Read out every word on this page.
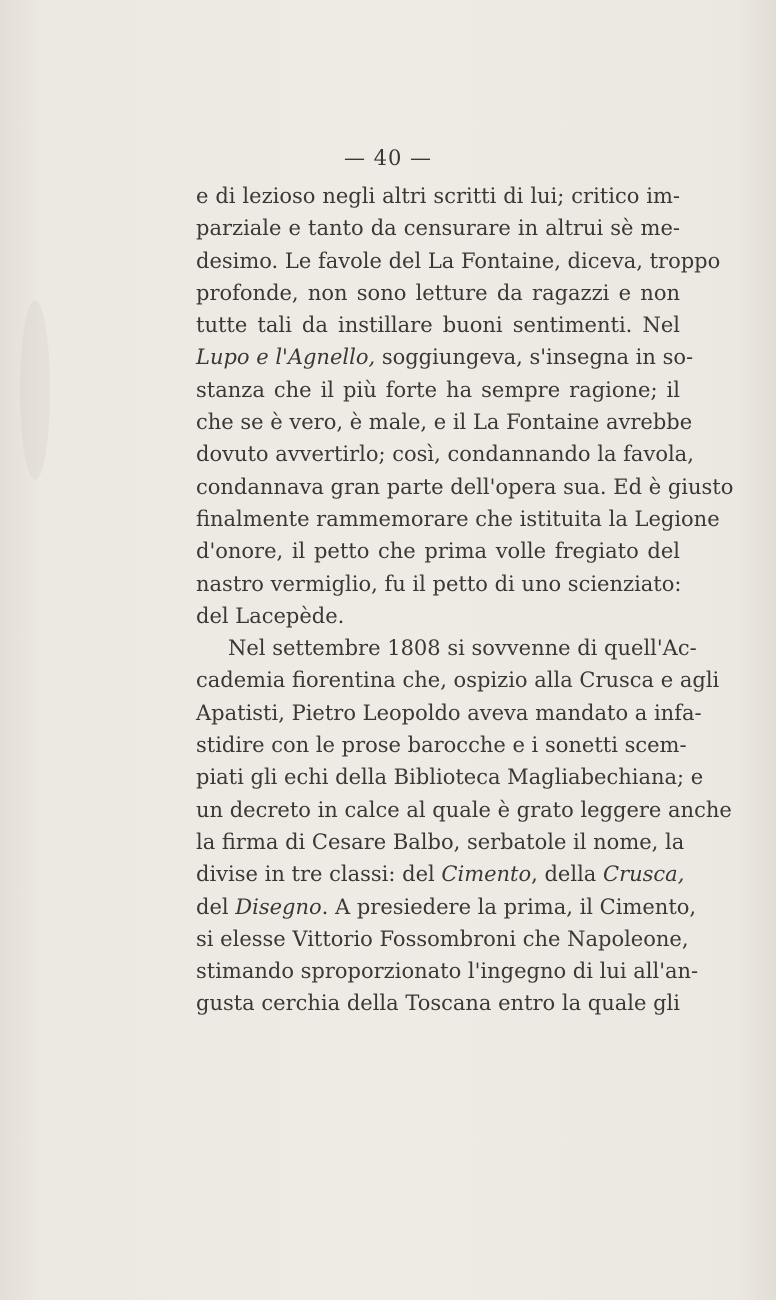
— 40 —
e di lezioso negli altri scritti di lui; critico im-
parziale e tanto da censurare in altrui sè me-
desimo. Le favole del La Fontaine, diceva, troppo
profonde, non sono letture da ragazzi e non
tutte tali da instillare buoni sentimenti. Nel
Lupo e l'Agnello, soggiungeva, s'insegna in so-
stanza che il più forte ha sempre ragione; il
che se è vero, è male, e il La Fontaine avrebbe
dovuto avvertirlo; così, condannando la favola,
condannava gran parte dell'opera sua. Ed è giusto
finalmente rammemorare che istituita la Legione
d'onore, il petto che prima volle fregiato del
nastro vermiglio, fu il petto di uno scienziato:
del Lacepède.
Nel settembre 1808 si sovvenne di quell'Ac-
cademia fiorentina che, ospizio alla Crusca e agli
Apatisti, Pietro Leopoldo aveva mandato a infa-
stidire con le prose barocche e i sonetti scem-
piati gli echi della Biblioteca Magliabechiana; e
un decreto in calce al quale è grato leggere anche
la firma di Cesare Balbo, serbatole il nome, la
divise in tre classi: del Cimento, della Crusca,
del Disegno. A presiedere la prima, il Cimento,
si elesse Vittorio Fossombroni che Napoleone,
stimando sproporzionato l'ingegno di lui all'an-
gusta cerchia della Toscana entro la quale gli
